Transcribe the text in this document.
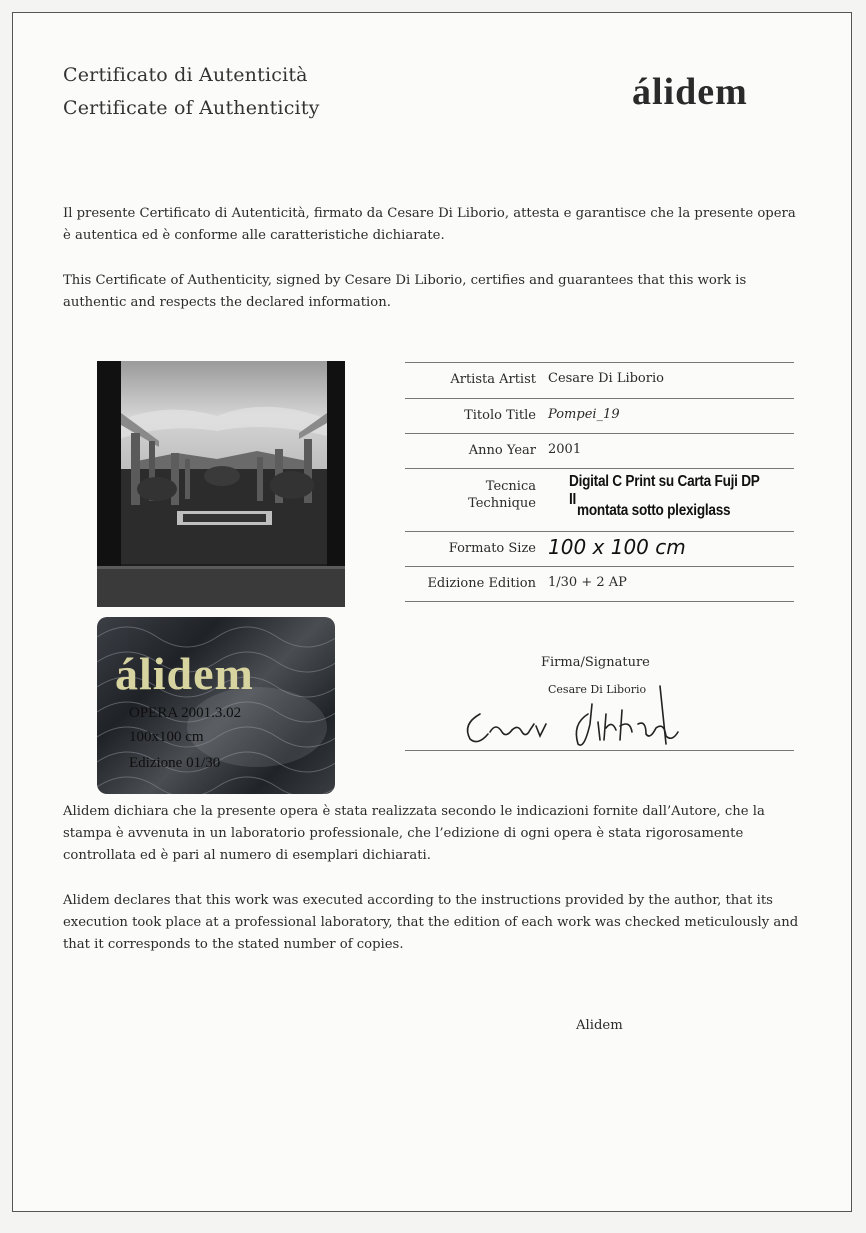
Certificato di Autenticità
Certificate of Authenticity	álidem
Il presente Certificato di Autenticità, firmato da Cesare Di Liborio, attesta e garantisce che la presente opera è autentica ed è conforme alle caratteristiche dichiarate.
This Certificate of Authenticity, signed by Cesare Di Liborio, certifies and guarantees that this work is authentic and respects the declared information.
álidem
OPERA 2001.3.02
100x100 cm
Edizione 01/30
Artista Artist Cesare Di Liborio
Titolo Title Pompei_19
Anno Year 2001
Tecnica
Technique
Digital C Print su Carta Fuji DP II
montata sotto plexiglass
Formato Size 100 x 100 cm
Edizione Edition 1/30 + 2 AP
Firma/Signature
Cesare Di Liborio
Alidem dichiara che la presente opera è stata realizzata secondo le indicazioni fornite dall’Autore, che la stampa è avvenuta in un laboratorio professionale, che l’edizione di ogni opera è stata rigorosamente controllata ed è pari al numero di esemplari dichiarati.
Alidem declares that this work was executed according to the instructions provided by the author, that its execution took place at a professional laboratory, that the edition of each work was checked meticulously and that it corresponds to the stated number of copies.
Alidem
